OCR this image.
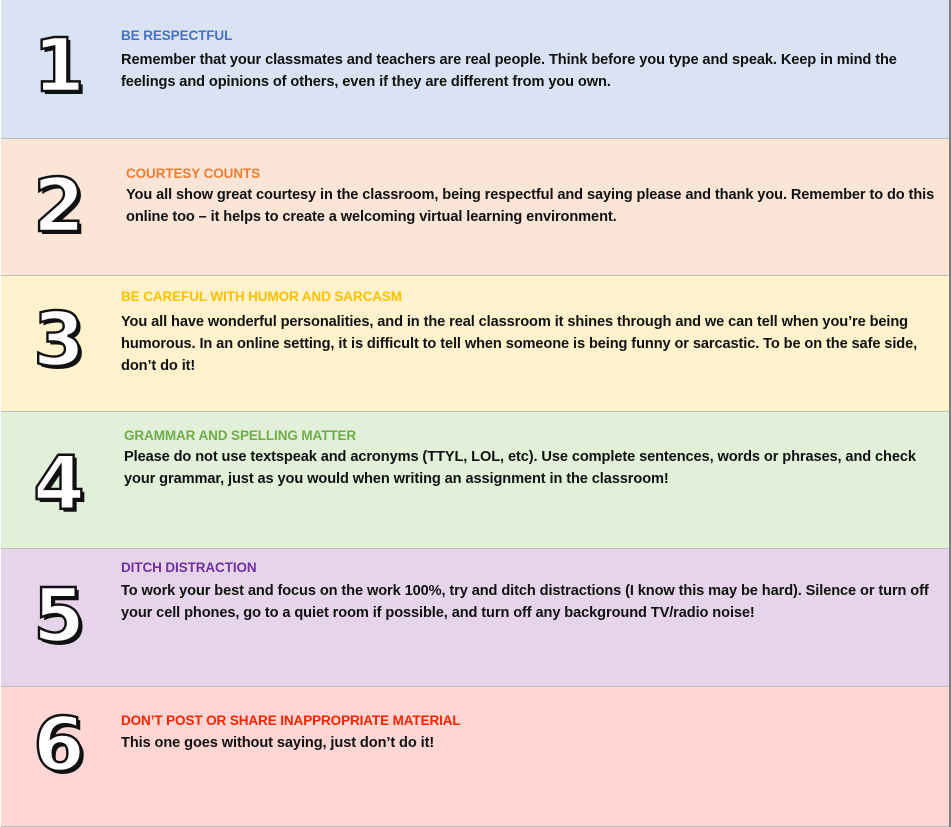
1	BE RESPECTFUL
Remember that your classmates and teachers are real people. Think before you type and speak. Keep in mind the feelings and opinions of others, even if they are different from you own.
2	COURTESY COUNTS
You all show great courtesy in the classroom, being respectful and saying please and thank you. Remember to do this online too – it helps to create a welcoming virtual learning environment.
3
BE CAREFUL WITH HUMOR AND SARCASM
You all have wonderful personalities, and in the real classroom it shines through and we can tell when you’re being humorous. In an online setting, it is difficult to tell when someone is being funny or sarcastic. To be on the safe side, don’t do it!
4
GRAMMAR AND SPELLING MATTER
Please do not use textspeak and acronyms (TTYL, LOL, etc). Use complete sentences, words or phrases, and check your grammar, just as you would when writing an assignment in the classroom!
5
DITCH DISTRACTION
To work your best and focus on the work 100%, try and ditch distractions (I know this may be hard). Silence or turn off your cell phones, go to a quiet room if possible, and turn off any background TV/radio noise!
6	DON’T POST OR SHARE INAPPROPRIATE MATERIAL
This one goes without saying, just don’t do it!
